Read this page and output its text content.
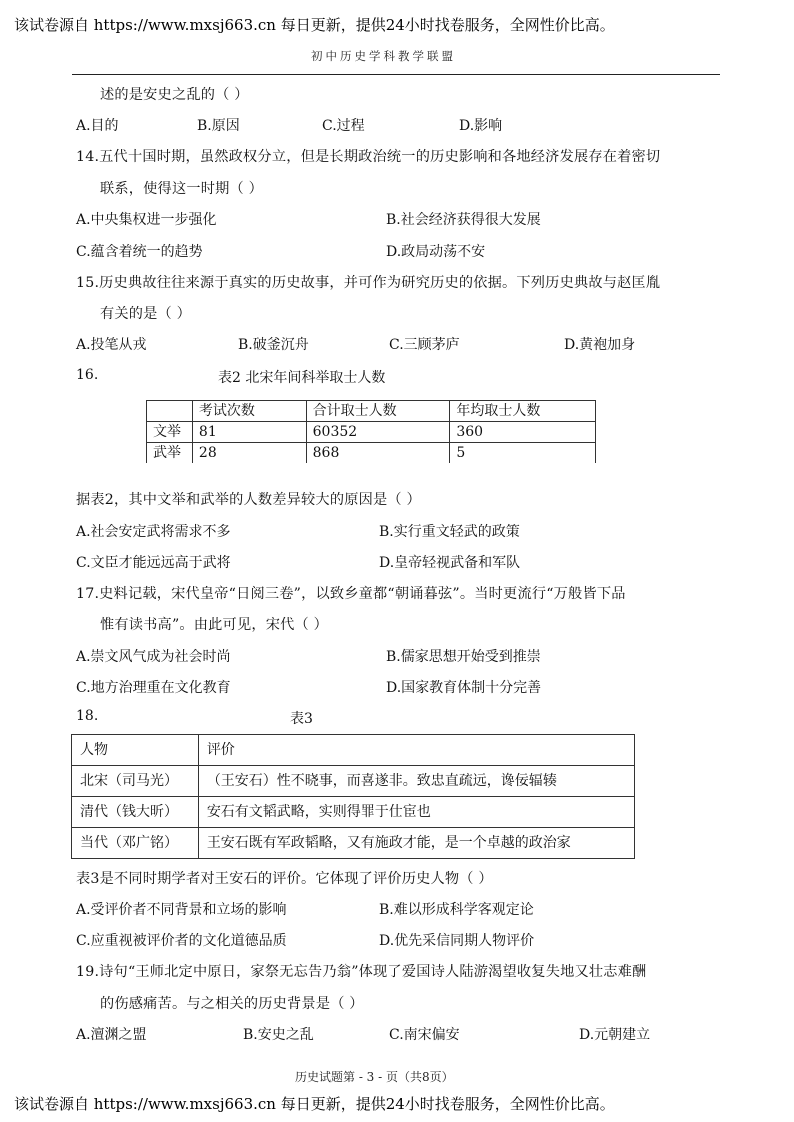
该试卷源自 https://www.mxsj663.cn 每日更新，提供24小时找卷服务，全网性价比高。
初中历史学科教学联盟
述的是安史之乱的（ ）
A.目的	B.原因	C.过程	D.影响
14.五代十国时期，虽然政权分立，但是长期政治统一的历史影响和各地经济发展存在着密切
联系，使得这一时期（ ）
A.中央集权进一步强化	B.社会经济获得很大发展
C.蕴含着统一的趋势	D.政局动荡不安
15.历史典故往往来源于真实的历史故事，并可作为研究历史的依据。下列历史典故与赵匡胤
有关的是（ ）
A.投笔从戎	B.破釜沉舟	C.三顾茅庐	D.黄袍加身
16.	表2 北宋年间科举取士人数
	考试次数	合计取士人数	年均取士人数
文举	81	60352	360
武举	28	868	5
据表2，其中文举和武举的人数差异较大的原因是（ ）
A.社会安定武将需求不多	B.实行重文轻武的政策
C.文臣才能远远高于武将	D.皇帝轻视武备和军队
17.史料记载，宋代皇帝“日阅三卷”，以致乡童都“朝诵暮弦”。当时更流行“万般皆下品
惟有读书高”。由此可见，宋代（ ）
A.崇文风气成为社会时尚	B.儒家思想开始受到推崇
C.地方治理重在文化教育	D.国家教育体制十分完善
18.	表3
人物	评价
北宋（司马光）	（王安石）性不晓事，而喜遂非。致忠直疏远，谗佞辐辏
清代（钱大昕）	安石有文韬武略，实则得罪于仕宦也
当代（邓广铭）	王安石既有军政韬略，又有施政才能，是一个卓越的政治家
表3是不同时期学者对王安石的评价。它体现了评价历史人物（ ）
A.受评价者不同背景和立场的影响	B.难以形成科学客观定论
C.应重视被评价者的文化道德品质	D.优先采信同期人物评价
19.诗句“王师北定中原日，家祭无忘告乃翁”体现了爱国诗人陆游渴望收复失地又壮志难酬
的伤感痛苦。与之相关的历史背景是（ ）
A.澶渊之盟	B.安史之乱	C.南宋偏安	D.元朝建立
历史试题第 - 3 - 页（共8页）
该试卷源自 https://www.mxsj663.cn 每日更新，提供24小时找卷服务，全网性价比高。
